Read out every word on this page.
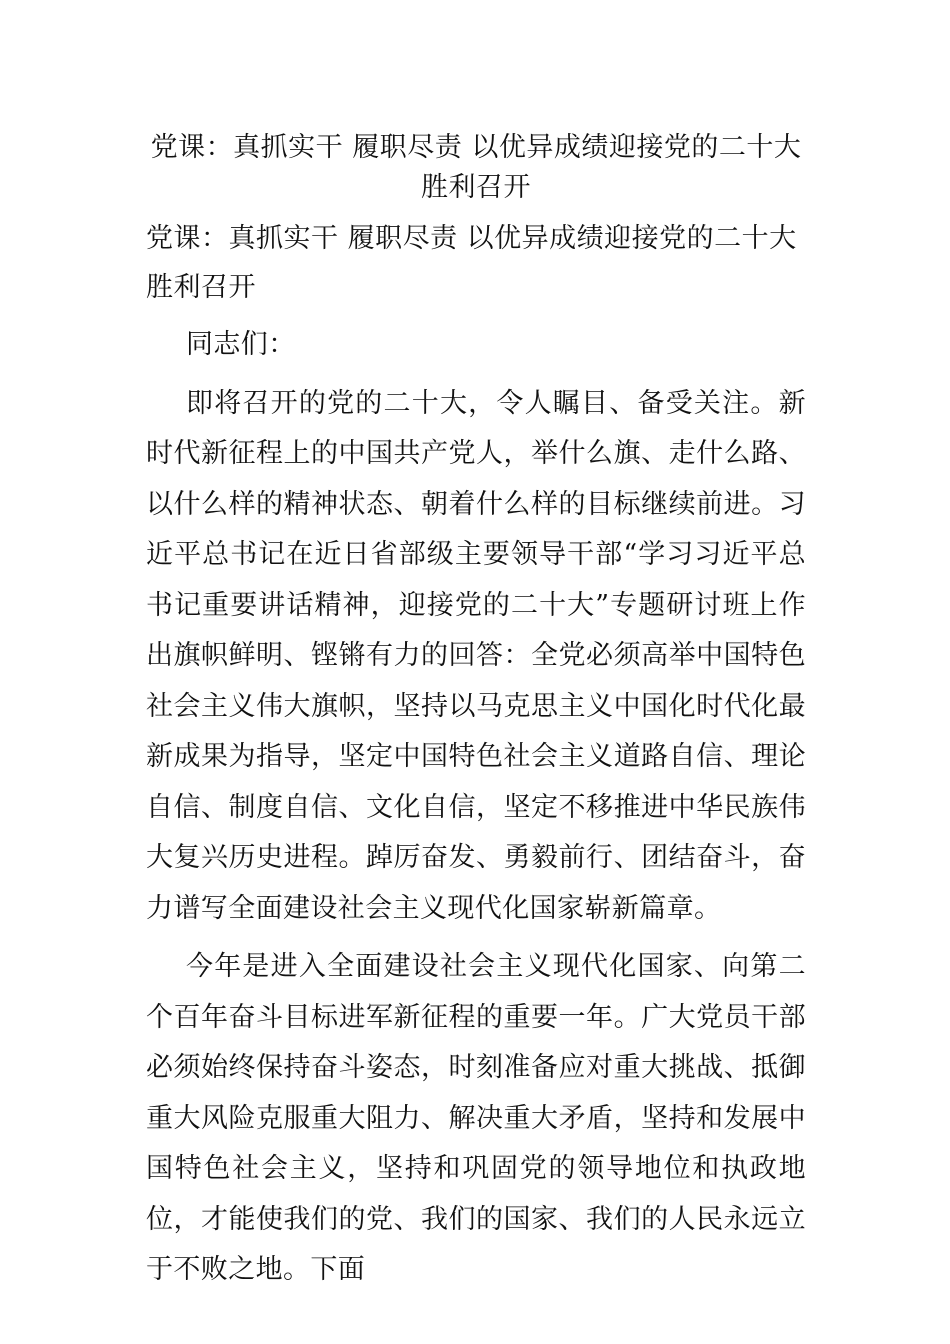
党课：真抓实干 履职尽责 以优异成绩迎接党的二十大胜利召开

党课：真抓实干 履职尽责 以优异成绩迎接党的二十大胜利召开

同志们：

即将召开的党的二十大，令人瞩目、备受关注。新时代新征程上的中国共产党人，举什么旗、走什么路、以什么样的精神状态、朝着什么样的目标继续前进。习近平总书记在近日省部级主要领导干部“学习习近平总书记重要讲话精神，迎接党的二十大”专题研讨班上作出旗帜鲜明、铿锵有力的回答：全党必须高举中国特色社会主义伟大旗帜，坚持以马克思主义中国化时代化最新成果为指导，坚定中国特色社会主义道路自信、理论自信、制度自信、文化自信，坚定不移推进中华民族伟大复兴历史进程。踔厉奋发、勇毅前行、团结奋斗，奋力谱写全面建设社会主义现代化国家崭新篇章。

今年是进入全面建设社会主义现代化国家、向第二个百年奋斗目标进军新征程的重要一年。广大党员干部必须始终保持奋斗姿态，时刻准备应对重大挑战、抵御重大风险克服重大阻力、解决重大矛盾，坚持和发展中国特色社会主义，坚持和巩固党的领导地位和执政地位，才能使我们的党、我们的国家、我们的人民永远立于不败之地。下面
